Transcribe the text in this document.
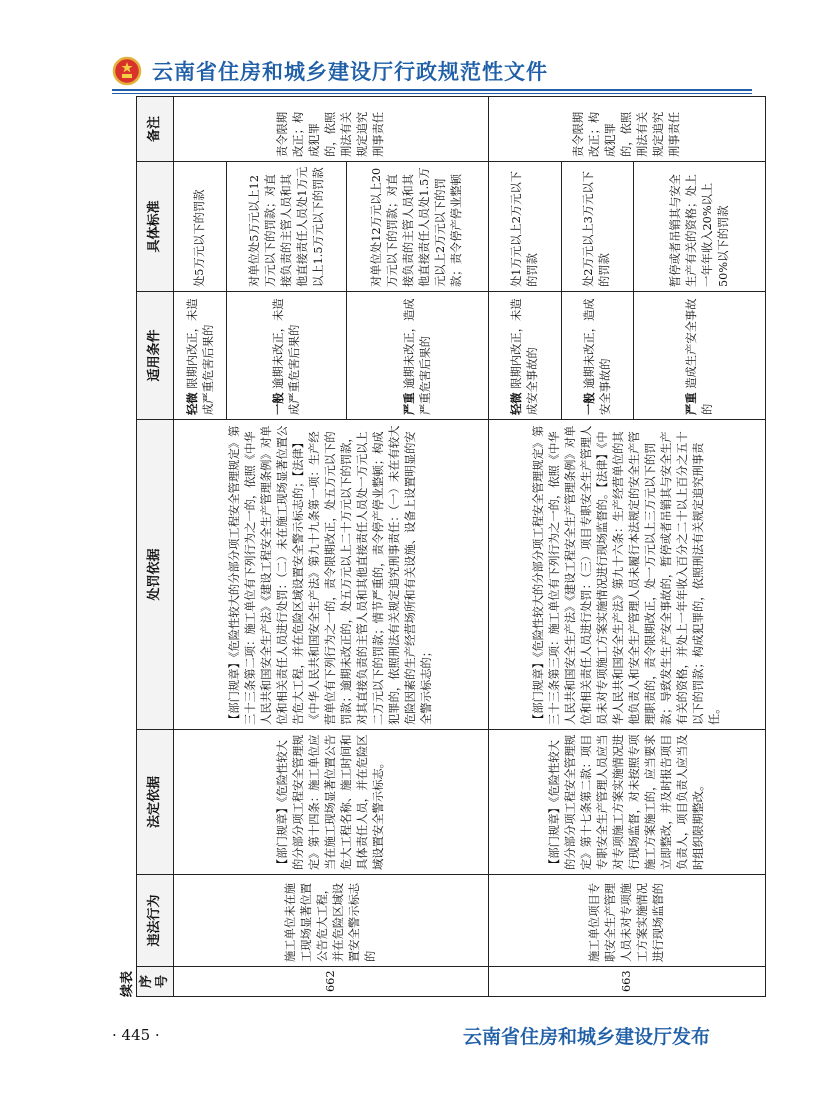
云南省住房和城乡建设厅行政规范性文件
续表 序号	违法行为	法定依据	处罚依据	适用条件	具体标准	备注
662	施工单位未在施工现场显著位置公告危大工程，并在危险区域设置安全警示标志的	【部门规章】《危险性较大的分部分项工程安全管理规定》第十四条：施工单位应当在施工现场显著位置公告危大工程名称、施工时间和具体责任人员，并在危险区域设置安全警示标志。	【部门规章】《危险性较大的分部分项工程安全管理规定》第三十三条第二项：施工单位有下列行为之一的，依照《中华人民共和国安全生产法》《建设工程安全生产管理条例》对单位和相关责任人员进行处罚：（二）未在施工现场显著位置公告危大工程，并在危险区域设置安全警示标志的；【法律】《中华人民共和国安全生产法》第九十九条第一项：生产经营单位有下列行为之一的，责令限期改正，处五万元以下的罚款；逾期未改正的，处五万元以上二十万元以下的罚款，对其直接负责的主管人员和其他直接责任人员处一万元以上二万元以下的罚款；情节严重的，责令停产停业整顿；构成犯罪的，依照刑法有关规定追究刑事责任：（一）未在有较大危险因素的生产经营场所和有关设施、设备上设置明显的安全警示标志的；	轻微 限期内改正，未造成严重危害后果的	处5万元以下的罚款	责令限期改正；构成犯罪的，依照刑法有关规定追究刑事责任
				一般 逾期未改正，未造成严重危害后果的	对单位处5万元以上12万元以下的罚款；对直接负责的主管人员和其他直接责任人员处1万元以上1.5万元以下的罚款	
				严重 逾期未改正，造成严重危害后果的	对单位处12万元以上20万元以下的罚款；对直接负责的主管人员和其他直接责任人员处1.5万元以上2万元以下的罚款；责令停产停业整顿	
663	施工单位项目专职安全生产管理人员未对专项施工方案实施情况进行现场监督的	【部门规章】《危险性较大的分部分项工程安全管理规定》第十七条第二款：项目专职安全生产管理人员应当对专项施工方案实施情况进行现场监督，对未按照专项施工方案施工的，应当要求立即整改，并及时报告项目负责人，项目负责人应当及时组织限期整改。	【部门规章】《危险性较大的分部分项工程安全管理规定》第三十三条第三项：施工单位有下列行为之一的，依照《中华人民共和国安全生产法》《建设工程安全生产管理条例》对单位和相关责任人员进行处罚：（三）项目专职安全生产管理人员未对专项施工方案实施情况进行现场监督的。【法律】《中华人民共和国安全生产法》第九十六条：生产经营单位的其他负责人和安全生产管理人员未履行本法规定的安全生产管理职责的，责令限期改正，处一万元以上三万元以下的罚款；导致发生生产安全事故的，暂停或者吊销其与安全生产有关的资格，并处上一年年收入百分之二十以上百分之五十以下的罚款；构成犯罪的，依照刑法有关规定追究刑事责任。	轻微 限期内改正，未造成安全事故的	处1万元以上2万元以下的罚款	责令限期改正；构成犯罪的，依照刑法有关规定追究刑事责任
				一般 逾期未改正，造成安全事故的	处2万元以上3万元以下的罚款	
				严重 造成生产安全事故的	暂停或者吊销其与安全生产有关的资格；处上一年年收入20%以上50%以下的罚款	
· 445 ·	云南省住房和城乡建设厅发布
